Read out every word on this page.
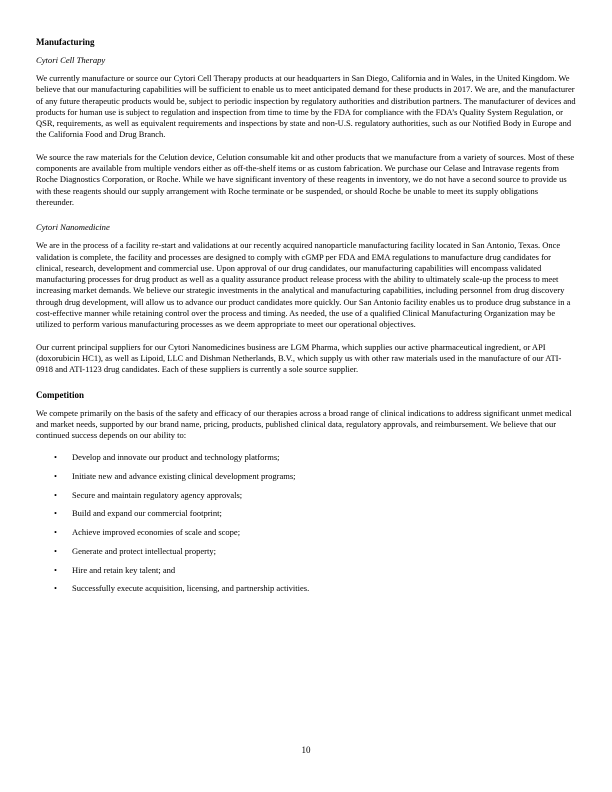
Manufacturing
Cytori Cell Therapy

We currently manufacture or source our Cytori Cell Therapy products at our headquarters in San Diego, California and in Wales, in the United Kingdom. We believe that our manufacturing capabilities will be sufficient to enable us to meet anticipated demand for these products in 2017. We are, and the manufacturer of any future therapeutic products would be, subject to periodic inspection by regulatory authorities and distribution partners. The manufacturer of devices and products for human use is subject to regulation and inspection from time to time by the FDA for compliance with the FDA’s Quality System Regulation, or QSR, requirements, as well as equivalent requirements and inspections by state and non-U.S. regulatory authorities, such as our Notified Body in Europe and the California Food and Drug Branch.

We source the raw materials for the Celution device, Celution consumable kit and other products that we manufacture from a variety of sources. Most of these components are available from multiple vendors either as off-the-shelf items or as custom fabrication. We purchase our Celase and Intravase regents from Roche Diagnostics Corporation, or Roche. While we have significant inventory of these reagents in inventory, we do not have a second source to provide us with these reagents should our supply arrangement with Roche terminate or be suspended, or should Roche be unable to meet its supply obligations thereunder.

Cytori Nanomedicine

We are in the process of a facility re-start and validations at our recently acquired nanoparticle manufacturing facility located in San Antonio, Texas. Once validation is complete, the facility and processes are designed to comply with cGMP per FDA and EMA regulations to manufacture drug candidates for clinical, research, development and commercial use. Upon approval of our drug candidates, our manufacturing capabilities will encompass validated manufacturing processes for drug product as well as a quality assurance product release process with the ability to ultimately scale-up the process to meet increasing market demands. We believe our strategic investments in the analytical and manufacturing capabilities, including personnel from drug discovery through drug development, will allow us to advance our product candidates more quickly. Our San Antonio facility enables us to produce drug substance in a cost-effective manner while retaining control over the process and timing. As needed, the use of a qualified Clinical Manufacturing Organization may be utilized to perform various manufacturing processes as we deem appropriate to meet our operational objectives.

Our current principal suppliers for our Cytori Nanomedicines business are LGM Pharma, which supplies our active pharmaceutical ingredient, or API (doxorubicin HC1), as well as Lipoid, LLC and Dishman Netherlands, B.V., which supply us with other raw materials used in the manufacture of our ATI-0918 and ATI-1123 drug candidates. Each of these suppliers is currently a sole source supplier.

Competition

We compete primarily on the basis of the safety and efficacy of our therapies across a broad range of clinical indications to address significant unmet medical and market needs, supported by our brand name, pricing, products, published clinical data, regulatory approvals, and reimbursement. We believe that our continued success depends on our ability to:

• Develop and innovate our product and technology platforms;
• Initiate new and advance existing clinical development programs;
• Secure and maintain regulatory agency approvals;
• Build and expand our commercial footprint;
• Achieve improved economies of scale and scope;
• Generate and protect intellectual property;
• Hire and retain key talent; and
• Successfully execute acquisition, licensing, and partnership activities.
10
